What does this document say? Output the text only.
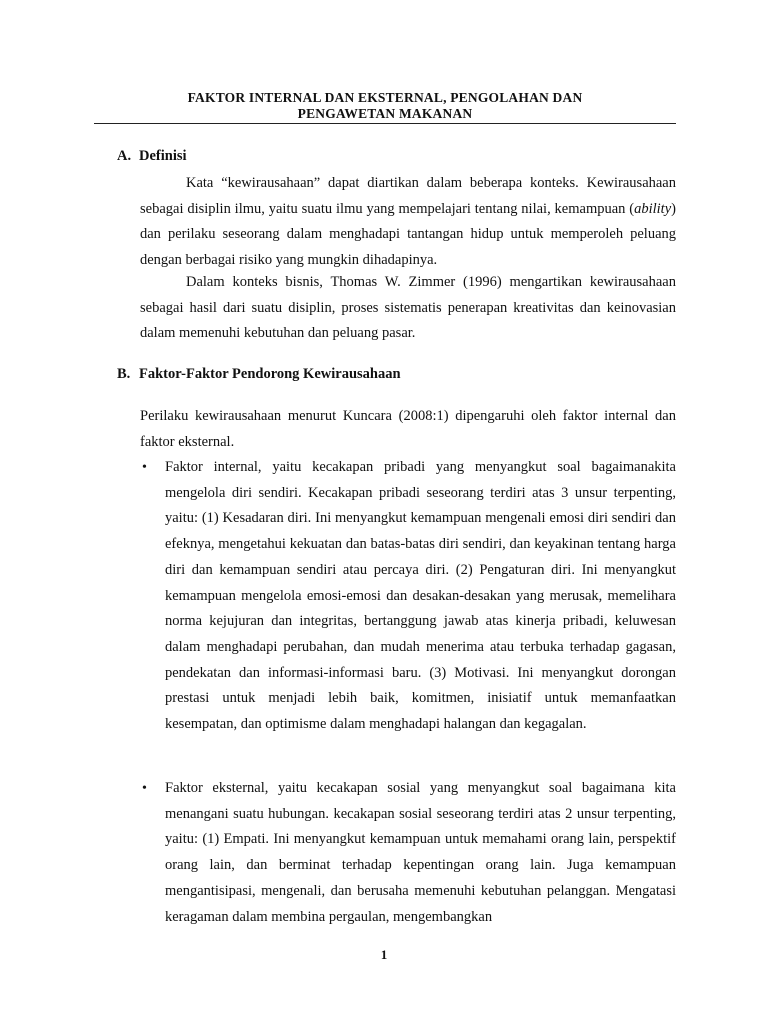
FAKTOR INTERNAL DAN EKSTERNAL, PENGOLAHAN DAN
PENGAWETAN MAKANAN
A. Definisi
Kata “kewirausahaan” dapat diartikan dalam beberapa konteks. Kewirausahaan sebagai disiplin ilmu, yaitu suatu ilmu yang mempelajari tentang nilai, kemampuan (ability) dan perilaku seseorang dalam menghadapi tantangan hidup untuk memperoleh peluang dengan berbagai risiko yang mungkin dihadapinya.
Dalam konteks bisnis, Thomas W. Zimmer (1996) mengartikan kewirausahaan sebagai hasil dari suatu disiplin, proses sistematis penerapan kreativitas dan keinovasian dalam memenuhi kebutuhan dan peluang pasar.
B. Faktor-Faktor Pendorong Kewirausahaan
Perilaku kewirausahaan menurut Kuncara (2008:1) dipengaruhi oleh faktor internal dan faktor eksternal.
• Faktor internal, yaitu kecakapan pribadi yang menyangkut soal bagaimanakita mengelola diri sendiri. Kecakapan pribadi seseorang terdiri atas 3 unsur terpenting, yaitu: (1) Kesadaran diri. Ini menyangkut kemampuan mengenali emosi diri sendiri dan efeknya, mengetahui kekuatan dan batas-batas diri sendiri, dan keyakinan tentang harga diri dan kemampuan sendiri atau percaya diri. (2) Pengaturan diri. Ini menyangkut kemampuan mengelola emosi-emosi dan desakan-desakan yang merusak, memelihara norma kejujuran dan integritas, bertanggung jawab atas kinerja pribadi, keluwesan dalam menghadapi perubahan, dan mudah menerima atau terbuka terhadap gagasan, pendekatan dan informasi-informasi baru. (3) Motivasi. Ini menyangkut dorongan prestasi untuk menjadi lebih baik, komitmen, inisiatif untuk memanfaatkan kesempatan, dan optimisme dalam menghadapi halangan dan kegagalan.
• Faktor eksternal, yaitu kecakapan sosial yang menyangkut soal bagaimana kita menangani suatu hubungan. kecakapan sosial seseorang terdiri atas 2 unsur terpenting, yaitu: (1) Empati. Ini menyangkut kemampuan untuk memahami orang lain, perspektif orang lain, dan berminat terhadap kepentingan orang lain. Juga kemampuan mengantisipasi, mengenali, dan berusaha memenuhi kebutuhan pelanggan. Mengatasi keragaman dalam membina pergaulan, mengembangkan
1
